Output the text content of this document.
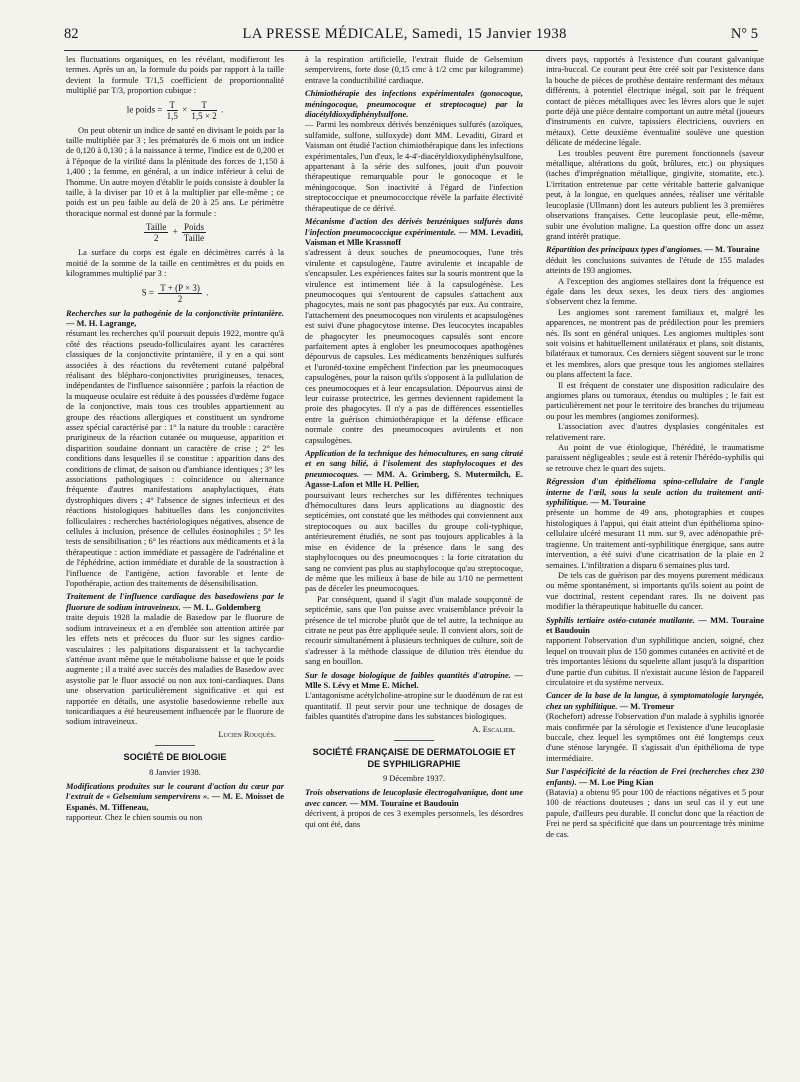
82	LA PRESSE MÉDICALE, Samedi, 15 Janvier 1938	N° 5

les fluctuations organiques, en les révélant, modifieront les termes. Après un an, la formule du poids par rapport à la taille devient la formule T/1,5 coefficient de proportionnalité multiplié par T/3, proportion cubique :

le poids = $\frac{T}{1,5} \times \frac{T}{1,5 \times 2}$ .

On peut obtenir un indice de santé en divisant le poids par la taille multipliée par 3 ; les prématurés de 6 mois ont un indice de 0,120 à 0,130 ; à la naissance à terme, l'indice est de 0,200 et à l'époque de la virilité dans la plénitude des forces de 1,150 à 1,400 ; la femme, en général, a un indice inférieur à celui de l'homme. Un autre moyen d'établir le poids consiste à doubler la taille, à la diviser par 10 et à la multiplier par elle-même ; ce poids est un peu faible au delà de 20 à 25 ans. Le périmètre thoracique normal est donné par la formule :

$\frac{\text{Taille}}{2} + \frac{\text{Poids}}{\text{Taille}}$

La surface du corps est égale en décimètres carrés à la moitié de la somme de la taille en centimètres et du poids en kilogrammes multiplié par 3 :

$S = \frac{T + (P \times 3)}{2}$ .

Recherches sur la pathogénie de la conjonctivite printanière. — M. H. Lagrange,

résumant les recherches qu'il poursuit depuis 1922, montre qu'à côté des réactions pseudo-folliculaires ayant les caractères classiques de la conjonctivite printanière, il y en a qui sont associées à des réactions du revêtement cutané palpébral réalisant des blépharo-conjonctivites prurigineuses, tenaces, indépendantes de l'influence saisonnière ; parfois la réaction de la muqueuse oculaire est réduite à des poussées d'œdème fugace de la conjonctive, mais tous ces troubles appartiennent au groupe des réactions allergiques et constituent un syndrome assez spécial caractérisé par : 1° la nature du trouble : caractère prurigineux de la réaction cutanée ou muqueuse, apparition et disparition soudaine donnant un caractère de crise ; 2° les conditions dans lesquelles il se constitue : apparition dans des conditions de climat, de saison ou d'ambiance identiques ; 3° les associations pathologiques : coïncidence ou alternance fréquente d'autres manifestations anaphylactiques, états dystrophiques divers ; 4° l'absence de signes infectieux et des réactions histologiques habituelles dans les conjonctivites folliculaires : recherches bactériologiques négatives, absence de cellules à inclusion, présence de cellules éosinophiles ; 5° les tests de sensibilisation ; 6° les réactions aux médicaments et à la thérapeutique : action immédiate et passagère de l'adrénaline et de l'éphédrine, action immédiate et durable de la soustraction à l'influence de l'antigène, action favorable et lente de l'opothérapie, action des traitements de désensibilisation.

Traitement de l'influence cardiaque des basedowiens par le fluorure de sodium intraveineux. — M. L. Goldemberg

traite depuis 1928 la maladie de Basedow par le fluorure de sodium intraveineux et a en d'emblée son attention attirée par les effets nets et précoces du fluor sur les signes cardio-vasculaires : les palpitations disparaissent et la tachycardie s'atténue avant même que le métabolisme baisse et que le poids augmente ; il a traité avec succès des maladies de Basedow avec asystolie par le fluor associé ou non aux toni-cardiaques. Dans une observation particulièrement significative et qui est rapportée en détails, une asystolie basedowienne rebelle aux tonicardiaques a été heureusement influencée par le fluorure de sodium intraveineux.

Lucien Rouquès.
SOCIÉTÉ DE BIOLOGIE
8 Janvier 1938.

Modifications produites sur le courant d'action du cœur par l'extrait de « Gelsemium sempervirens ». — M. E. Moisset de Espanés. M. Tiffeneau,

rapporteur. Chez le chien soumis ou non

à la respiration artificielle, l'extrait fluide de Gelsemium sempervirens, forte dose (0,15 cmc à 1/2 cmc par kilogramme) entrave la conductibilité cardiaque.

Chimiothérapie des infections expérimentales (gonocoque, méningocoque, pneumocoque et streptocoque) par la diacétyldioxydiphénylsulfone.

— Parmi les nombreux dérivés benzéniques sulfurés (azoïques, sulfamide, sulfone, sulfoxyde) dont MM. Levaditi, Girard et Vaisman ont étudié l'action chimiothérapique dans les infections expérimentales, l'un d'eux, le 4-4'-diacétyldioxydiphénylsulfone, appartenant à la série des sulfones, jouit d'un pouvoir thérapeutique remarquable pour le gonocoque et le méningocoque. Son inactivité à l'égard de l'infection streptococcique et pneumococcique révèle la parfaite électivité thérapeutique de ce dérivé.

Mécanisme d'action des dérivés benzéniques sulfurés dans l'infection pneumococcique expérimentale. — MM. Levaditi, Vaisman et Mlle Krassnoff

s'adressent à deux souches de pneumocoques, l'une très virulente et capsulogène, l'autre avirulente et incapable de s'encapsuler. Les expériences faites sur la souris montrent que la virulence est intimement liée à la capsulogénèse. Les pneumocoques qui s'entourent de capsules s'attachent aux phagocytes, mais ne sont pas phagocytés par eux. Au contraire, l'attachement des pneumocoques non virulents et acapsulogènes est suivi d'une phagocytose intense. Des leucocytes incapables de phagocyter les pneumocoques capsulés sont encore parfaitement aptes à englober les pneumocoques apathogènes dépourvus de capsules. Les médicaments benzéniques sulfurés et l'uronéd-toxine empêchent l'infection par les pneumocoques capsulogènes, pour la raison qu'ils s'opposent à la pullulation de ces pneumocoques et à leur encapsulation. Dépourvus ainsi de leur cuirasse protectrice, les germes deviennent rapidement la proie des phagocytes. Il n'y a pas de différences essentielles entre la guérison chimiothérapique et la défense efficace normale contre des pneumocoques avirulents et non capsulogènes.

Application de la technique des hémocultures, en sang citraté et en sang bilié, à l'isolement des staphylocoques et des pneumocoques. — MM. A. Grimberg, S. Mutermilch, E. Agasse-Lafon et Mlle H. Pellier,

poursuivant leurs recherches sur les différentes techniques d'hémocultures dans leurs applications au diagnostic des septicémies, ont constaté que les méthodes qui conviennent aux streptocoques ou aux bacilles du groupe coli-typhique, antérieurement étudiés, ne sont pas toujours applicables à la mise en évidence de la présence dans le sang des staphylocoques ou des pneumocoques : la forte citratation du sang ne convient pas plus au staphylocoque qu'au streptocoque, de même que les milieux à base de bile au 1/10 ne permettent pas de déceler les pneumocoques.

Par conséquent, quand il s'agit d'un malade soupçonné de septicémie, sans que l'on puisse avec vraisemblance prévoir la présence de tel microbe plutôt que de tel autre, la technique au citrate ne peut pas être appliquée seule. Il convient alors, soit de recourir simultanément à plusieurs techniques de culture, soit de s'adresser à la méthode classique de dilution très étendue du sang en bouillon.

Sur le dosage biologique de faibles quantités d'atropine. — Mlle S. Lévy et Mme E. Michel.

L'antagonisme acétylcholine-atropine sur le duodénum de rat est quantitatif. Il peut servir pour une technique de dosages de faibles quantités d'atropine dans les substances biologiques.

A. Escalier.
SOCIÉTÉ FRANÇAISE DE DERMATOLOGIE ET DE SYPHILIGRAPHIE
9 Décembre 1937.

Trois observations de leucoplasie électrogalvanique, dont une avec cancer. — MM. Touraine et Baudouin

décrivent, à propos de ces 3 exemples personnels, les désordres qui ont été, dans

divers pays, rapportés à l'existence d'un courant galvanique intra-buccal. Ce courant peut être créé soit par l'existence dans la bouche de pièces de prothèse dentaire renfermant des métaux différents, à potentiel électrique inégal, soit par le fréquent contact de pièces métalliques avec les lèvres alors que le sujet porte déjà une pièce dentaire comportant un autre métal (joueurs d'instruments en cuivre, tapissiers électriciens, ouvriers en métaux). Cette deuxième éventualité soulève une question délicate de médecine légale.

Les troubles peuvent être purement fonctionnels (saveur métallique, altérations du goût, brûlures, etc.) ou physiques (taches d'imprégnation métallique, gingivite, stomatite, etc.). L'irritation entretenue par cette véritable batterie galvanique peut, à la longue, en quelques années, réaliser une véritable leucoplasie (Ullmann) dont les auteurs publient les 3 premières observations françaises. Cette leucoplasie peut, elle-même, subir une évolution maligne. La question offre donc un assez grand intérêt pratique.

Répartition des principaux types d'angiomes. — M. Touraine

déduit les conclusions suivantes de l'étude de 155 malades atteints de 193 angiomes.

A l'exception des angiomes stellaires dont la fréquence est égale dans les deux sexes, les deux tiers des angiomes s'observent chez la femme.

Les angiomes sont rarement familiaux et, malgré les apparences, ne montrent pas de prédilection pour les premiers nés. Ils sont en général uniques. Les angiomes multiples sont soit voisins et habituellement unilatéraux et plans, soit distants, bilatéraux et tumoraux. Ces derniers siègent souvent sur le tronc et les membres, alors que presque tous les angiomes stellaires ou plans affectent la face.

Il est fréquent de constater une disposition radiculaire des angiomes plans ou tumoraux, étendus ou multiples ; le fait est particulièrement net pour le territoire des branches du trijumeau ou pour les membres (angiomes zoniformes).

L'association avec d'autres dysplasies congénitales est relativement rare.

Au point de vue étiologique, l'hérédité, le traumatisme paraissent négligeables ; seule est à retenir l'hérédo-syphilis qui se retrouve chez le quart des sujets.

Régression d'un épithélioma spino-cellulaire de l'angle interne de l'œil, sous la seule action du traitement anti-syphilitique. — M. Touraine

présente un homme de 49 ans, photographies et coupes histologiques à l'appui, qui était atteint d'un épithélioma spino-cellulaire ulcéré mesurant 11 mm. sur 9, avec adénopathie pré-tragienne. Un traitement anti-syphilitique énergique, sans autre intervention, a été suivi d'une cicatrisation de la plaie en 2 semaines. L'infiltration a disparu 6 semaines plus tard.

De tels cas de guérison par des moyens purement médicaux ou même spontanément, si importants qu'ils soient au point de vue doctrinal, restent cependant rares. Ils ne doivent pas modifier la thérapeutique habituelle du cancer.

Syphilis tertiaire ostéo-cutanée mutilante. — MM. Touraine et Baudouin

rapportent l'observation d'un syphilitique ancien, soigné, chez lequel on trouvait plus de 150 gommes cutanées en activité et de très importantes lésions du squelette allant jusqu'à la disparition d'une partie d'un cubitus. Il n'existait aucune lésion de l'appareil circulatoire et du système nerveux.

Cancer de la base de la langue, à symptomatologie laryngée, chez un syphilitique. — M. Tromeur

(Rochefort) adresse l'observation d'un malade à syphilis ignorée mais confirmée par la sérologie et l'existence d'une leucoplasie buccale, chez lequel les symptômes ont été longtemps ceux d'une sténose laryngée. Il s'agissait d'un épithélioma de type intermédiaire.

Sur l'aspécificité de la réaction de Frei (recherches chez 230 enfants). — M. Loe Ping Kian

(Batavia) a obtenu 95 pour 100 de réactions négatives et 5 pour 100 de réactions douteuses ; dans un seul cas il y eut une papule, d'ailleurs peu durable. Il conclut donc que la réaction de Frei ne perd sa spécificité que dans un pourcentage très minime de cas.
